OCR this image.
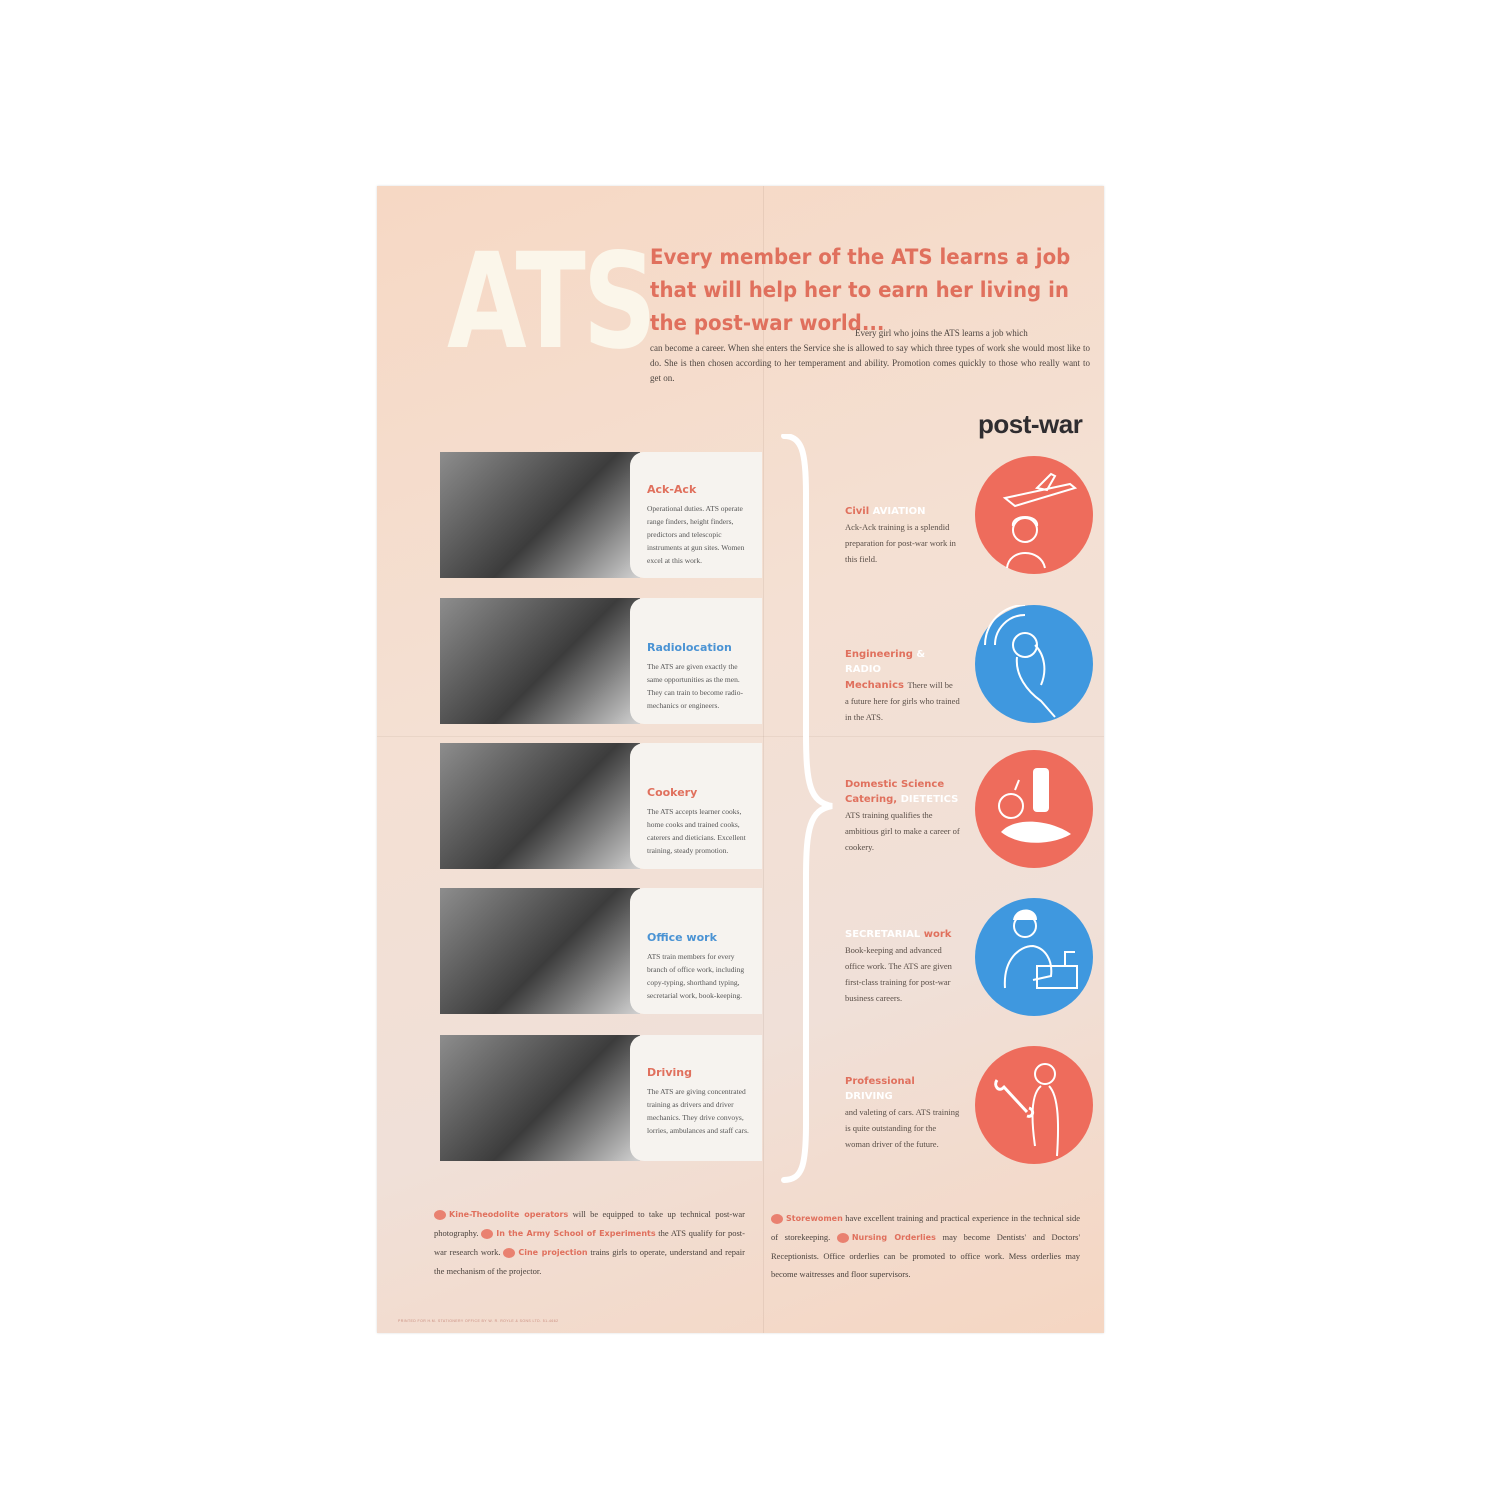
ATS
Every member of the ATS learns a job
that will help her to earn her living in
the post-war world...
Every girl who joins the ATS learns a job which can become a career. When she enters the Service she is allowed to say which three types of work she would most like to do. She is then chosen according to her temperament and ability. Promotion comes quickly to those who really want to get on.
post-war
Ack-Ack
Operational duties. ATS operate range finders, height finders, predictors and telescopic instruments at gun sites. Women excel at this work.
Radiolocation
The ATS are given exactly the same opportunities as the men. They can train to become radio-mechanics or engineers.
Cookery
The ATS accepts learner cooks, home cooks and trained cooks, caterers and dieticians. Excellent training, steady promotion.
Office work
ATS train members for every branch of office work, including copy-typing, shorthand typing, secretarial work, book-keeping.
Driving
The ATS are giving concentrated training as drivers and driver mechanics. They drive convoys, lorries, ambulances and staff cars.
Civil AVIATION
Ack-Ack training is a splendid preparation for post-war work in this field.
Engineering & RADIO
Mechanics There will be
a future here for girls who trained in the ATS.
Domestic Science
Catering, DIETETICS
ATS training qualifies the ambitious girl to make a career of cookery.
SECRETARIAL work
Book-keeping and advanced office work. The ATS are given first-class training for post-war business careers.
Professional DRIVING
and valeting of cars. ATS training is quite outstanding for the woman driver of the future.
Kine-Theodolite operators will be equipped to take up technical post-war photography. In the Army School of Experiments the ATS qualify for post-war research work. Cine projection trains girls to operate, understand and repair the mechanism of the projector.
Storewomen have excellent training and practical experience in the technical side of storekeeping.	Nursing Orderlies may become Dentists' and Doctors' Receptionists. Office orderlies can be promoted to office work. Mess orderlies may become waitresses and floor supervisors.
PRINTED FOR H.M. STATIONERY OFFICE BY W. R. ROYLE & SONS LTD. 51-4662
